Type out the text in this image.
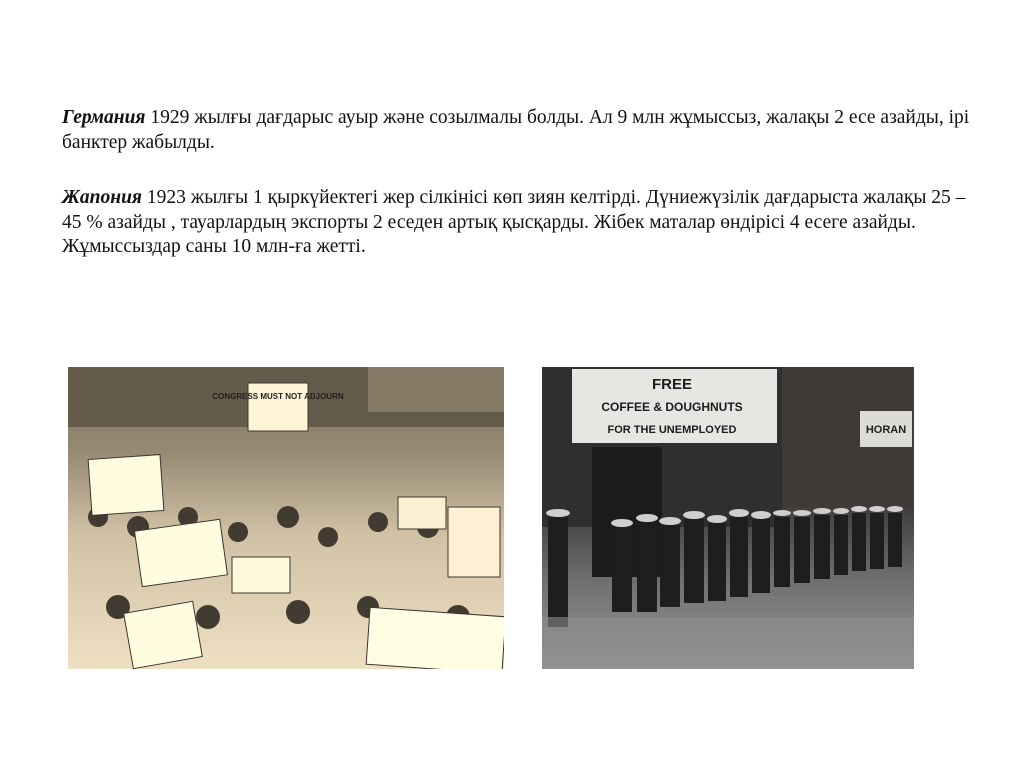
Германия 1929 жылғы дағдарыс ауыр және созылмалы болды. Ал 9 млн жұмыссыз, жалақы 2 есе азайды, ірі банктер жабылды.

Жапония 1923 жылғы 1 қыркүйектегі жер сілкінісі көп зиян келтірді. Дүниежүзілік дағдарыста жалақы 25 – 45 % азайды , тауарлардың экспорты 2 еседен артық қысқарды. Жібек маталар өндірісі 4 есеге азайды. Жұмыссыздар саны 10 млн-ға жетті.

CONGRESS MUST NOT ADJOURN
FREE
COFFEE & DOUGHNUTS
FOR THE UNEMPLOYED	HORAN
